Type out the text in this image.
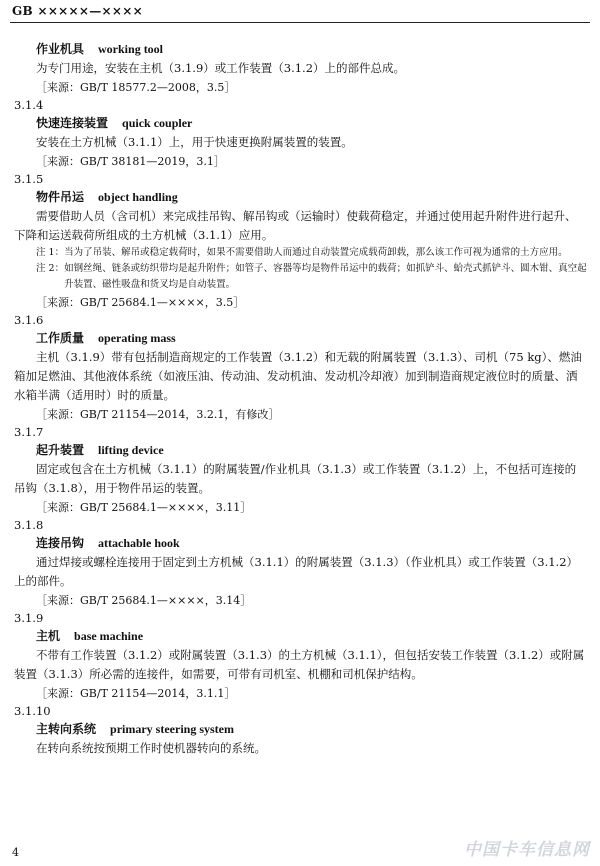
GB ×××××—××××
作业机具 working tool
为专门用途，安装在主机（3.1.9）或工作装置（3.1.2）上的部件总成。
［来源：GB/T 18577.2—2008，3.5］
3.1.4
快速连接装置 quick coupler
安装在土方机械（3.1.1）上，用于快速更换附属装置的装置。
［来源：GB/T 38181—2019，3.1］
3.1.5
物件吊运 object handling
需要借助人员（含司机）来完成挂吊钩、解吊钩或（运输时）使载荷稳定，并通过使用起升附件进行起升、下降和运送载荷所组成的土方机械（3.1.1）应用。
注 1： 当为了吊装、解吊或稳定载荷时，如果不需要借助人而通过自动装置完成载荷卸载，那么该工作可视为通常的土方应用。
注 2： 如钢丝绳、链条或纺织带均是起升附件；如管子、容器等均是物件吊运中的载荷；如抓铲斗、蛤壳式抓铲斗、圆木钳、真空起升装置、磁性吸盘和货叉均是自动装置。
［来源：GB/T 25684.1—××××，3.5］
3.1.6
工作质量 operating mass
主机（3.1.9）带有包括制造商规定的工作装置（3.1.2）和无载的附属装置（3.1.3）、司机（75 kg）、燃油箱加足燃油、其他液体系统（如液压油、传动油、发动机油、发动机冷却液）加到制造商规定液位时的质量、洒水箱半满（适用时）时的质量。
［来源：GB/T 21154—2014，3.2.1，有修改］
3.1.7
起升装置 lifting device
固定或包含在土方机械（3.1.1）的附属装置/作业机具（3.1.3）或工作装置（3.1.2）上，不包括可连接的吊钩（3.1.8），用于物件吊运的装置。
［来源：GB/T 25684.1—××××，3.11］
3.1.8
连接吊钩 attachable hook
通过焊接或螺栓连接用于固定到土方机械（3.1.1）的附属装置（3.1.3）（作业机具）或工作装置（3.1.2）上的部件。
［来源：GB/T 25684.1—××××，3.14］
3.1.9
主机 base machine
不带有工作装置（3.1.2）或附属装置（3.1.3）的土方机械（3.1.1），但包括安装工作装置（3.1.2）或附属装置（3.1.3）所必需的连接件，如需要，可带有司机室、机棚和司机保护结构。
［来源：GB/T 21154—2014，3.1.1］
3.1.10
主转向系统 primary steering system
在转向系统按预期工作时使机器转向的系统。
4	中国卡车信息网
